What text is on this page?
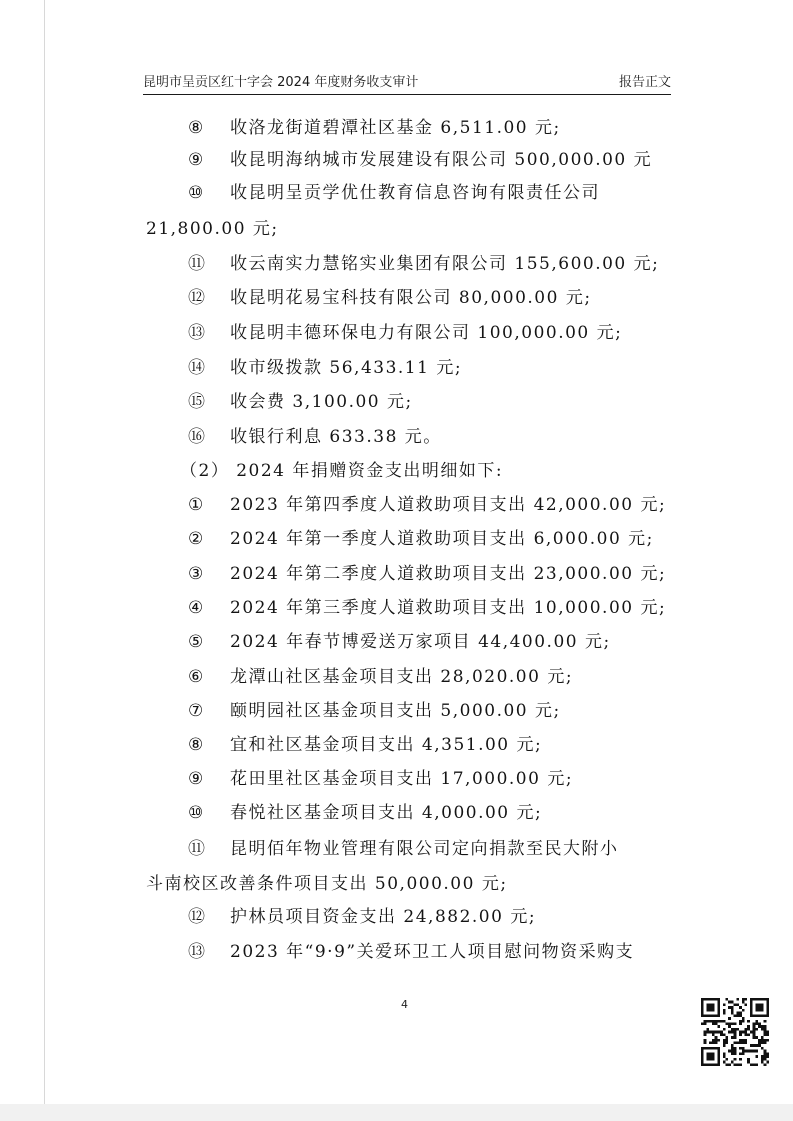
昆明市呈贡区红十字会 2024 年度财务收支审计	报告正文
⑧ 收洛龙街道碧潭社区基金 6,511.00 元;
⑨ 收昆明海纳城市发展建设有限公司 500,000.00 元
⑩ 收昆明呈贡学优仕教育信息咨询有限责任公司
21,800.00 元;
⑪ 收云南实力慧铭实业集团有限公司 155,600.00 元;
⑫ 收昆明花易宝科技有限公司 80,000.00 元;
⑬ 收昆明丰德环保电力有限公司 100,000.00 元;
⑭ 收市级拨款 56,433.11 元;
⑮ 收会费 3,100.00 元;
⑯ 收银行利息 633.38 元。
（2） 2024 年捐赠资金支出明细如下:
① 2023 年第四季度人道救助项目支出 42,000.00 元;
② 2024 年第一季度人道救助项目支出 6,000.00 元;
③ 2024 年第二季度人道救助项目支出 23,000.00 元;
④ 2024 年第三季度人道救助项目支出 10,000.00 元;
⑤ 2024 年春节博爱送万家项目 44,400.00 元;
⑥ 龙潭山社区基金项目支出 28,020.00 元;
⑦ 颐明园社区基金项目支出 5,000.00 元;
⑧ 宜和社区基金项目支出 4,351.00 元;
⑨ 花田里社区基金项目支出 17,000.00 元;
⑩ 春悦社区基金项目支出 4,000.00 元;
⑪ 昆明佰年物业管理有限公司定向捐款至民大附小
斗南校区改善条件项目支出 50,000.00 元;
⑫ 护林员项目资金支出 24,882.00 元;
⑬ 2023 年“9·9”关爱环卫工人项目慰问物资采购支
4
